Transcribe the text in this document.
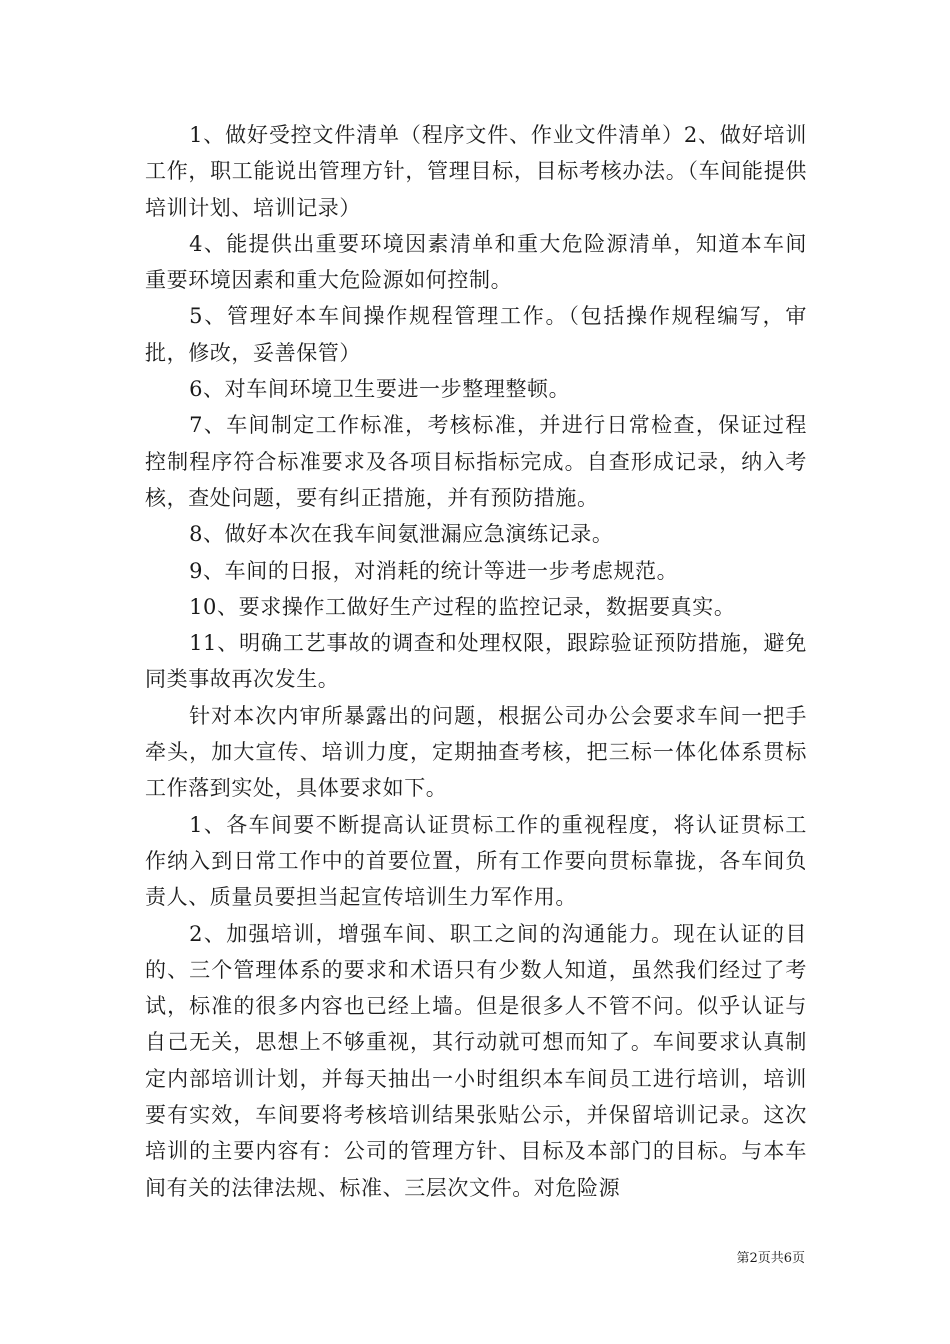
1、做好受控文件清单（程序文件、作业文件清单）2、做好培训工作，职工能说出管理方针，管理目标，目标考核办法。（车间能提供培训计划、培训记录）

4、能提供出重要环境因素清单和重大危险源清单，知道本车间重要环境因素和重大危险源如何控制。

5、管理好本车间操作规程管理工作。（包括操作规程编写，审批，修改，妥善保管）

6、对车间环境卫生要进一步整理整顿。

7、车间制定工作标准，考核标准，并进行日常检查，保证过程控制程序符合标准要求及各项目标指标完成。自查形成记录，纳入考核，查处问题，要有纠正措施，并有预防措施。

8、做好本次在我车间氨泄漏应急演练记录。

9、车间的日报，对消耗的统计等进一步考虑规范。

10、要求操作工做好生产过程的监控记录，数据要真实。

11、明确工艺事故的调查和处理权限，跟踪验证预防措施，避免同类事故再次发生。

针对本次内审所暴露出的问题，根据公司办公会要求车间一把手牵头，加大宣传、培训力度，定期抽查考核，把三标一体化体系贯标工作落到实处，具体要求如下。

1、各车间要不断提高认证贯标工作的重视程度，将认证贯标工作纳入到日常工作中的首要位置，所有工作要向贯标靠拢，各车间负责人、质量员要担当起宣传培训生力军作用。

2、加强培训，增强车间、职工之间的沟通能力。现在认证的目的、三个管理体系的要求和术语只有少数人知道，虽然我们经过了考试，标准的很多内容也已经上墙。但是很多人不管不问。似乎认证与自己无关，思想上不够重视，其行动就可想而知了。车间要求认真制定内部培训计划，并每天抽出一小时组织本车间员工进行培训，培训要有实效，车间要将考核培训结果张贴公示，并保留培训记录。这次培训的主要内容有：公司的管理方针、目标及本部门的目标。与本车间有关的法律法规、标准、三层次文件。对危险源

第2页共6页
